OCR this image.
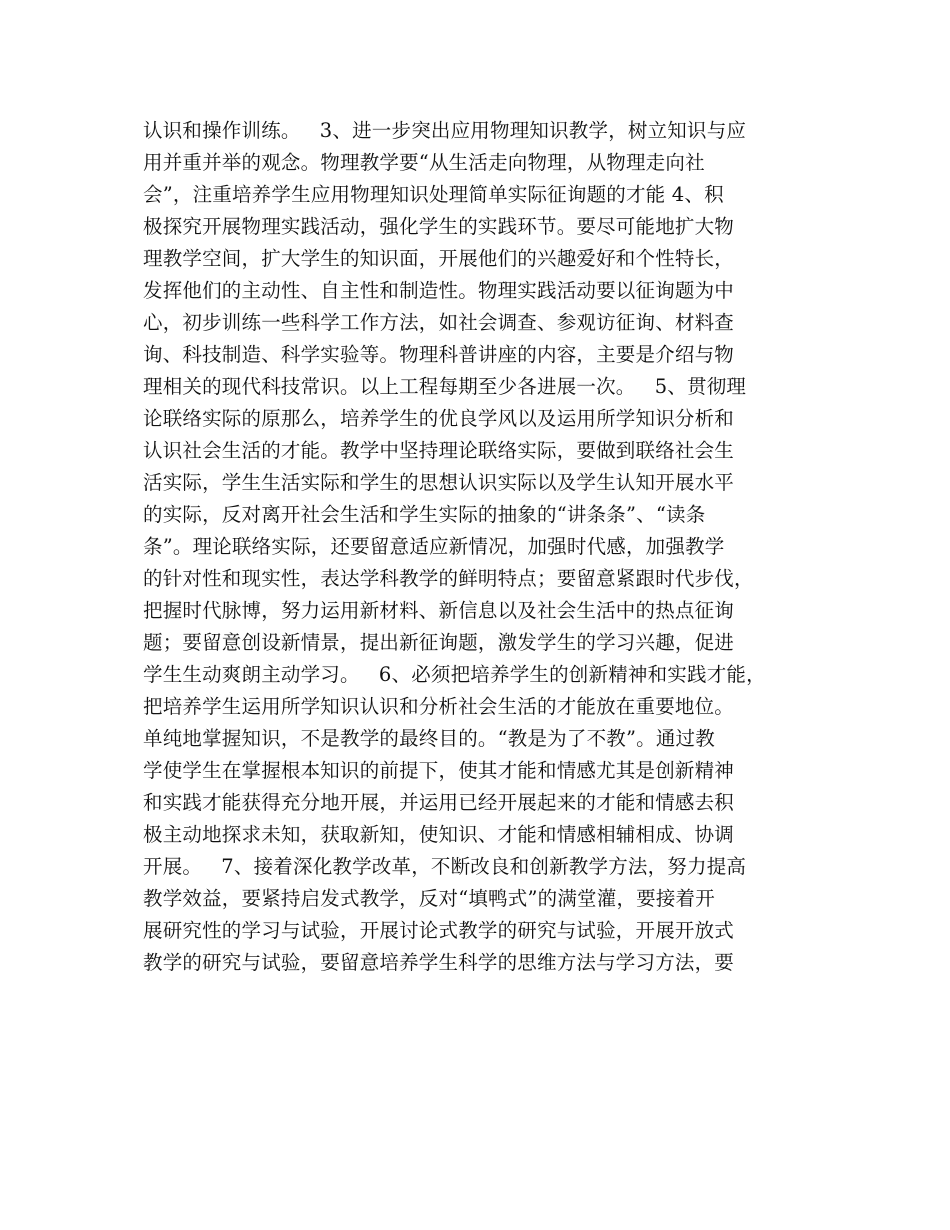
认识和操作训练。   3、进一步突出应用物理知识教学，树立知识与应
用并重并举的观念。物理教学要“从生活走向物理，从物理走向社
会”，注重培养学生应用物理知识处理简单实际征询题的才能 4、积
极探究开展物理实践活动，强化学生的实践环节。要尽可能地扩大物
理教学空间，扩大学生的知识面，开展他们的兴趣爱好和个性特长，
发挥他们的主动性、自主性和制造性。物理实践活动要以征询题为中
心，初步训练一些科学工作方法，如社会调查、参观访征询、材料查
询、科技制造、科学实验等。物理科普讲座的内容，主要是介绍与物
理相关的现代科技常识。以上工程每期至少各进展一次。   5、贯彻理
论联络实际的原那么，培养学生的优良学风以及运用所学知识分析和
认识社会生活的才能。教学中坚持理论联络实际，要做到联络社会生
活实际，学生生活实际和学生的思想认识实际以及学生认知开展水平
的实际，反对离开社会生活和学生实际的抽象的“讲条条”、“读条
条”。理论联络实际，还要留意适应新情况，加强时代感，加强教学
的针对性和现实性，表达学科教学的鲜明特点；要留意紧跟时代步伐，
把握时代脉博，努力运用新材料、新信息以及社会生活中的热点征询
题；要留意创设新情景，提出新征询题，激发学生的学习兴趣，促进
学生生动爽朗主动学习。   6、必须把培养学生的创新精神和实践才能，
把培养学生运用所学知识认识和分析社会生活的才能放在重要地位。
单纯地掌握知识，不是教学的最终目的。“教是为了不教”。通过教
学使学生在掌握根本知识的前提下，使其才能和情感尤其是创新精神
和实践才能获得充分地开展，并运用已经开展起来的才能和情感去积
极主动地探求未知，获取新知，使知识、才能和情感相辅相成、协调
开展。   7、接着深化教学改革，不断改良和创新教学方法，努力提高
教学效益，要紧持启发式教学，反对“填鸭式”的满堂灌，要接着开
展研究性的学习与试验，开展讨论式教学的研究与试验，开展开放式
教学的研究与试验，要留意培养学生科学的思维方法与学习方法，要
